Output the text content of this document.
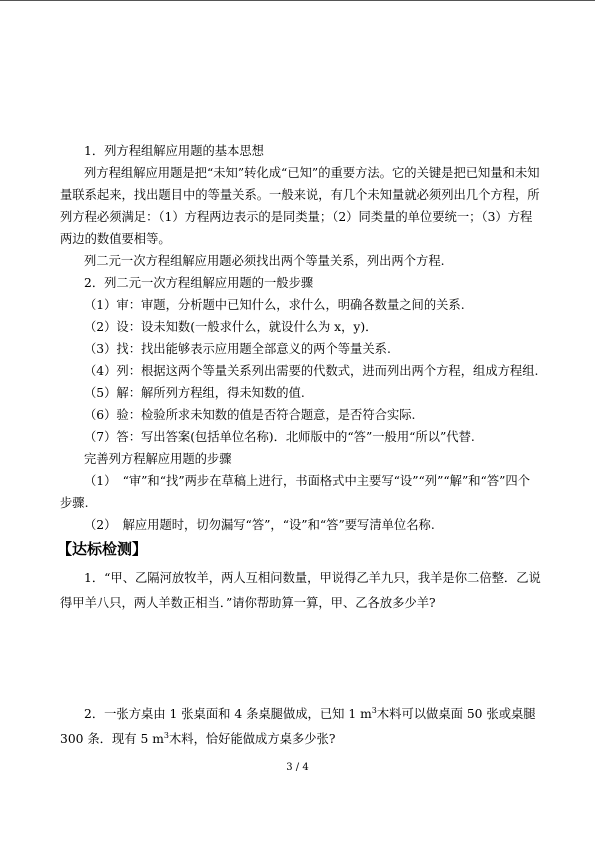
1．列方程组解应用题的基本思想

列方程组解应用题是把“未知”转化成“已知”的重要方法。它的关键是把已知量和未知量联系起来，找出题目中的等量关系。一般来说，有几个未知量就必须列出几个方程，所列方程必须满足：（1）方程两边表示的是同类量；（2）同类量的单位要统一；（3）方程两边的数值要相等。

列二元一次方程组解应用题必须找出两个等量关系，列出两个方程.

2．列二元一次方程组解应用题的一般步骤

（1）审：审题，分析题中已知什么，求什么，明确各数量之间的关系.

（2）设：设未知数(一般求什么，就设什么为 x，y)．

（3）找：找出能够表示应用题全部意义的两个等量关系.

（4）列：根据这两个等量关系列出需要的代数式，进而列出两个方程，组成方程组.

（5）解：解所列方程组，得未知数的值.

（6）验：检验所求未知数的值是否符合题意，是否符合实际.

（7）答：写出答案(包括单位名称)．北师版中的“答”一般用“所以”代替.

完善列方程解应用题的步骤

（1）　“审”和“找”两步在草稿上进行，书面格式中主要写“设”“列”“解”和“答”四个步骤.

（2）　解应用题时，切勿漏写“答”，“设”和“答”要写清单位名称.

【达标检测】

1．“甲、乙隔河放牧羊，两人互相问数量，甲说得乙羊九只，我羊是你二倍整．乙说得甲羊八只，两人羊数正相当．”请你帮助算一算，甲、乙各放多少羊?

2．一张方桌由 1 张桌面和 4 条桌腿做成，已知 1 $m^3$木料可以做桌面 50 张或桌腿 300 条．现有 5 $m^3$木料，恰好能做成方桌多少张?

3 / 4
